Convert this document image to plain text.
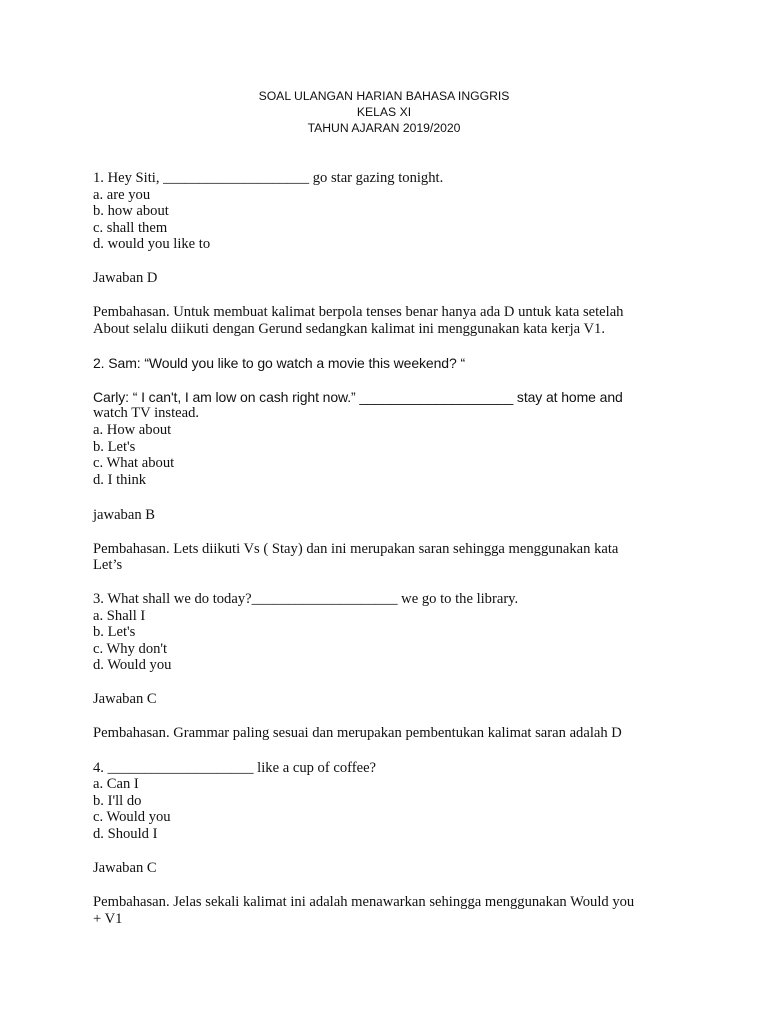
SOAL ULANGAN HARIAN BAHASA INGGRIS
KELAS XI
TAHUN AJARAN 2019/2020
1. Hey Siti, ____________________ go star gazing tonight.
a. are you
b. how about
c. shall them
d. would you like to
Jawaban D
Pembahasan. Untuk membuat kalimat berpola tenses benar hanya ada D untuk kata setelah
About selalu diikuti dengan Gerund sedangkan kalimat ini menggunakan kata kerja V1.
2. Sam: “Would you like to go watch a movie this weekend? “
Carly: “ I can't, I am low on cash right now.” ____________________ stay at home and
watch TV instead.
a. How about
b. Let's
c. What about
d. I think
jawaban B
Pembahasan. Lets diikuti Vs ( Stay) dan ini merupakan saran sehingga menggunakan kata
Let’s
3. What shall we do today?____________________ we go to the library.
a. Shall I
b. Let's
c. Why don't
d. Would you
Jawaban C
Pembahasan. Grammar paling sesuai dan merupakan pembentukan kalimat saran adalah D
4. ____________________ like a cup of coffee?
a. Can I
b. I'll do
c. Would you
d. Should I
Jawaban C
Pembahasan. Jelas sekali kalimat ini adalah menawarkan sehingga menggunakan Would you
+ V1
